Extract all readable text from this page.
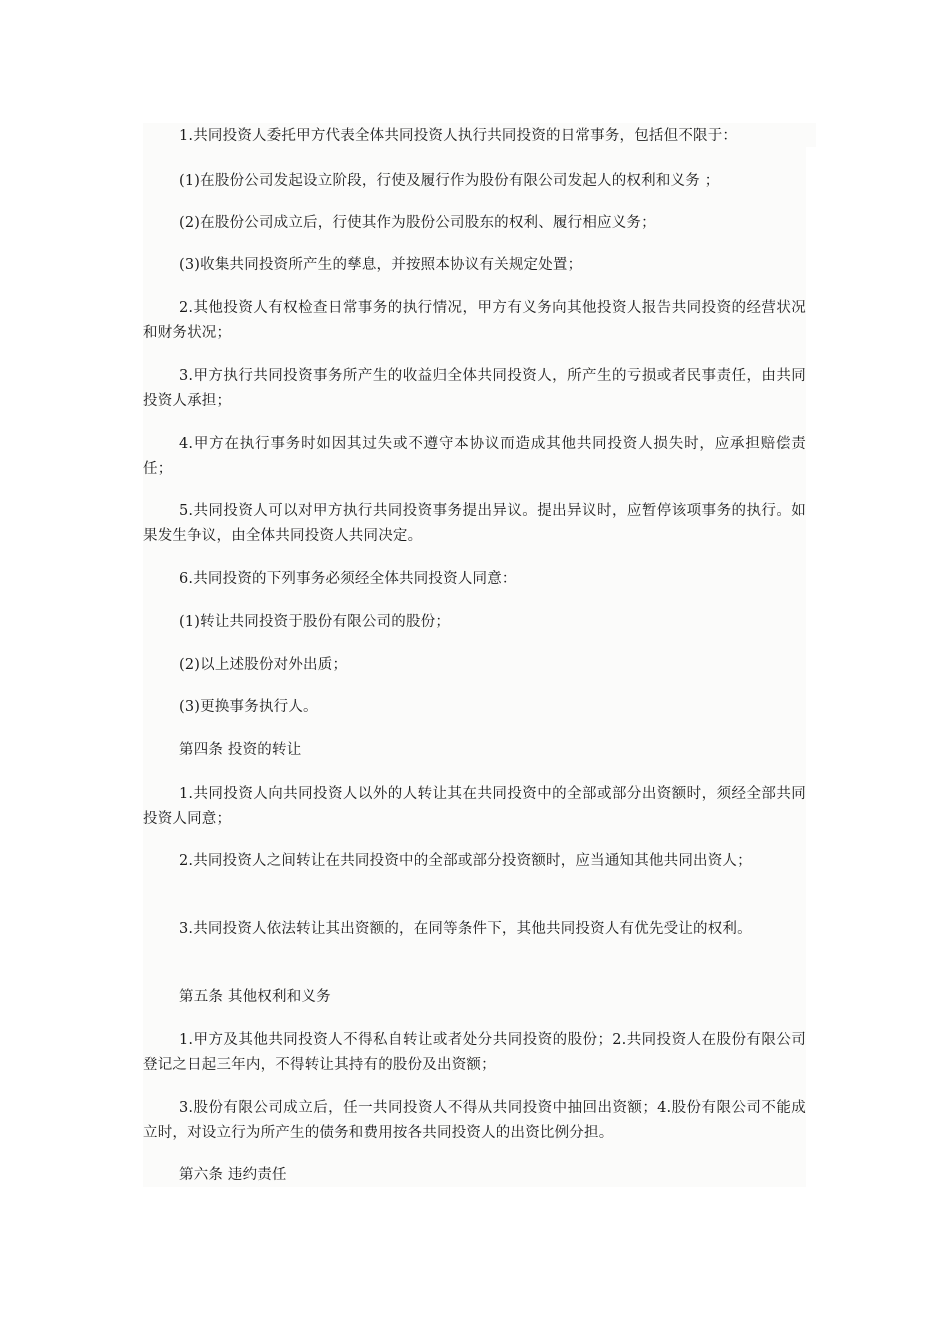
1.共同投资人委托甲方代表全体共同投资人执行共同投资的日常事务，包括但不限于：

(1)在股份公司发起设立阶段，行使及履行作为股份有限公司发起人的权利和义务 ；

(2)在股份公司成立后，行使其作为股份公司股东的权利、履行相应义务；

(3)收集共同投资所产生的孳息，并按照本协议有关规定处置；

2.其他投资人有权检查日常事务的执行情况，甲方有义务向其他投资人报告共同投资的经营状况和财务状况；

3.甲方执行共同投资事务所产生的收益归全体共同投资人，所产生的亏损或者民事责任，由共同投资人承担；

4.甲方在执行事务时如因其过失或不遵守本协议而造成其他共同投资人损失时，应承担赔偿责任；

5.共同投资人可以对甲方执行共同投资事务提出异议。提出异议时，应暂停该项事务的执行。如果发生争议，由全体共同投资人共同决定。

6.共同投资的下列事务必须经全体共同投资人同意：

(1)转让共同投资于股份有限公司的股份；

(2)以上述股份对外出质；

(3)更换事务执行人。

第四条 投资的转让

1.共同投资人向共同投资人以外的人转让其在共同投资中的全部或部分出资额时，须经全部共同投资人同意；

2.共同投资人之间转让在共同投资中的全部或部分投资额时，应当通知其他共同出资人；

3.共同投资人依法转让其出资额的，在同等条件下，其他共同投资人有优先受让的权利。

第五条 其他权利和义务

1.甲方及其他共同投资人不得私自转让或者处分共同投资的股份；2.共同投资人在股份有限公司登记之日起三年内，不得转让其持有的股份及出资额；

3.股份有限公司成立后，任一共同投资人不得从共同投资中抽回出资额；4.股份有限公司不能成立时，对设立行为所产生的债务和费用按各共同投资人的出资比例分担。

第六条 违约责任
